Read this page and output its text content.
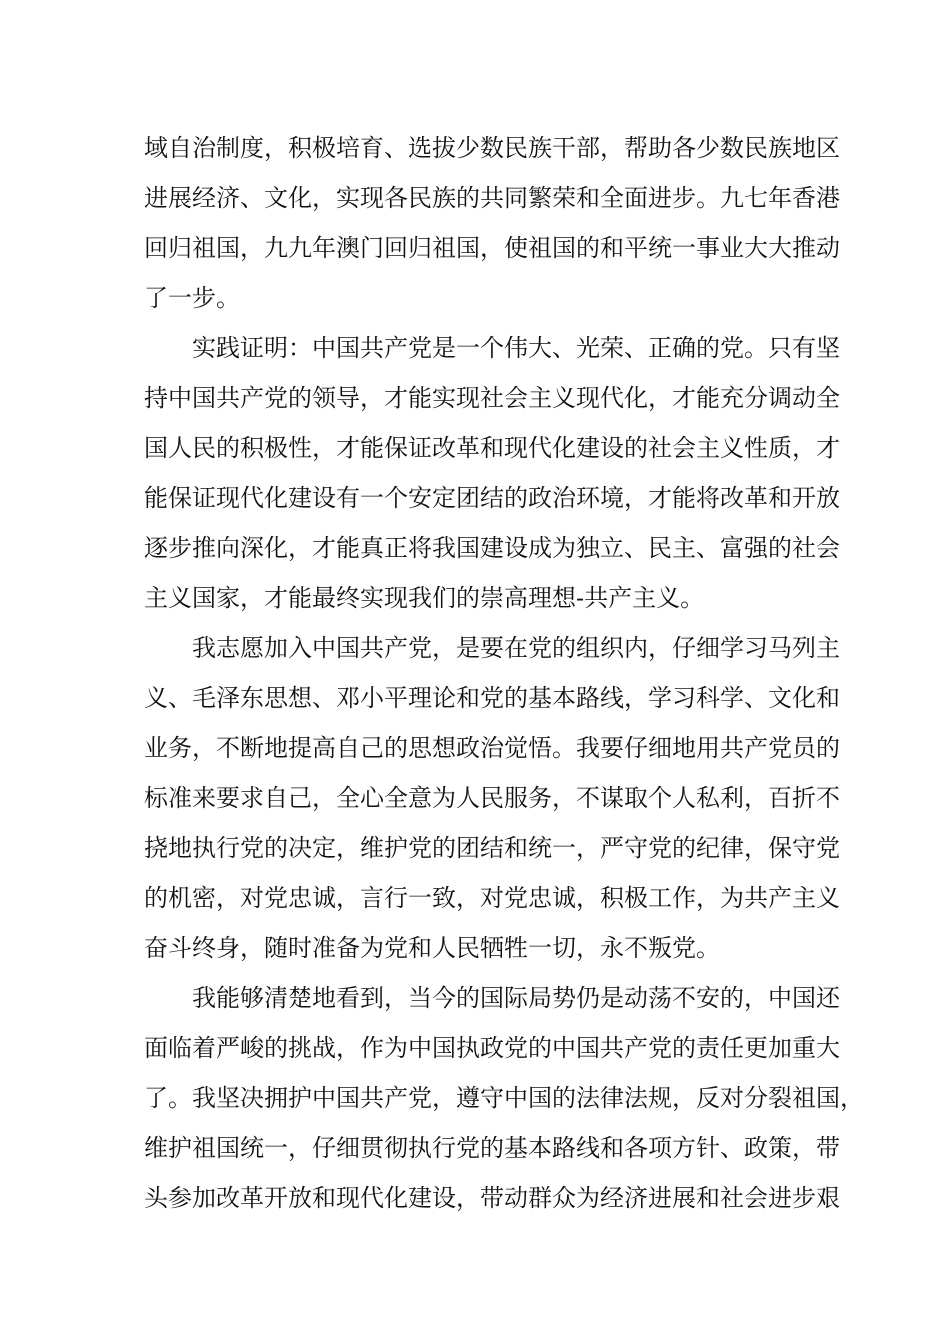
域 自 治 制 度 ， 积 极 培 育 、 选 拔 少 数 民 族 干 部 ， 帮 助 各 少 数 民 族 地 区
进 展 经 济 、 文 化 ， 实 现 各 民 族 的 共 同 繁 荣 和 全 面 进 步 。 九 七 年 香 港
回 归 祖 国 ， 九 九 年 澳 门 回 归 祖 国 ， 使 祖 国 的 和 平 统 一 事 业 大 大 推 动
了一步。
实 践 证 明 ： 中 国 共 产 党 是 一 个 伟 大 、 光 荣 、 正 确 的 党 。 只 有 坚
持 中 国 共 产 党 的 领 导 ， 才 能 实 现 社 会 主 义 现 代 化 ， 才 能 充 分 调 动 全
国 人 民 的 积 极 性 ， 才 能 保 证 改 革 和 现 代 化 建 设 的 社 会 主 义 性 质 ， 才
能 保 证 现 代 化 建 设 有 一 个 安 定 团 结 的 政 治 环 境 ， 才 能 将 改 革 和 开 放
逐 步 推 向 深 化 ， 才 能 真 正 将 我 国 建 设 成 为 独 立 、 民 主 、 富 强 的 社 会
主义国家，才能最终实现我们的崇高理想-共产主义。
我 志 愿 加 入 中 国 共 产 党 ， 是 要 在 党 的 组 织 内 ， 仔 细 学 习 马 列 主
义 、 毛 泽 东 思 想 、 邓 小 平 理 论 和 党 的 基 本 路 线 ， 学 习 科 学 、 文 化 和
业 务 ， 不 断 地 提 高 自 己 的 思 想 政 治 觉 悟 。 我 要 仔 细 地 用 共 产 党 员 的
标 准 来 要 求 自 己 ， 全 心 全 意 为 人 民 服 务 ， 不 谋 取 个 人 私 利 ， 百 折 不
挠 地 执 行 党 的 决 定 ， 维 护 党 的 团 结 和 统 一 ， 严 守 党 的 纪 律 ， 保 守 党
的 机 密 ， 对 党 忠 诚 ， 言 行 一 致 ， 对 党 忠 诚 ， 积 极 工 作 ， 为 共 产 主 义
奋斗终身，随时准备为党和人民牺牲一切，永不叛党。
我 能 够 清 楚 地 看 到 ， 当 今 的 国 际 局 势 仍 是 动 荡 不 安 的 ， 中 国 还
面 临 着 严 峻 的 挑 战 ， 作 为 中 国 执 政 党 的 中 国 共 产 党 的 责 任 更 加 重 大
了 。 我 坚 决 拥 护 中 国 共 产 党 ， 遵 守 中 国 的 法 律 法 规 ， 反 对 分 裂 祖 国 ，
维 护 祖 国 统 一 ， 仔 细 贯 彻 执 行 党 的 基 本 路 线 和 各 项 方 针 、 政 策 ， 带
头 参 加 改 革 开 放 和 现 代 化 建 设 ， 带 动 群 众 为 经 济 进 展 和 社 会 进 步 艰
